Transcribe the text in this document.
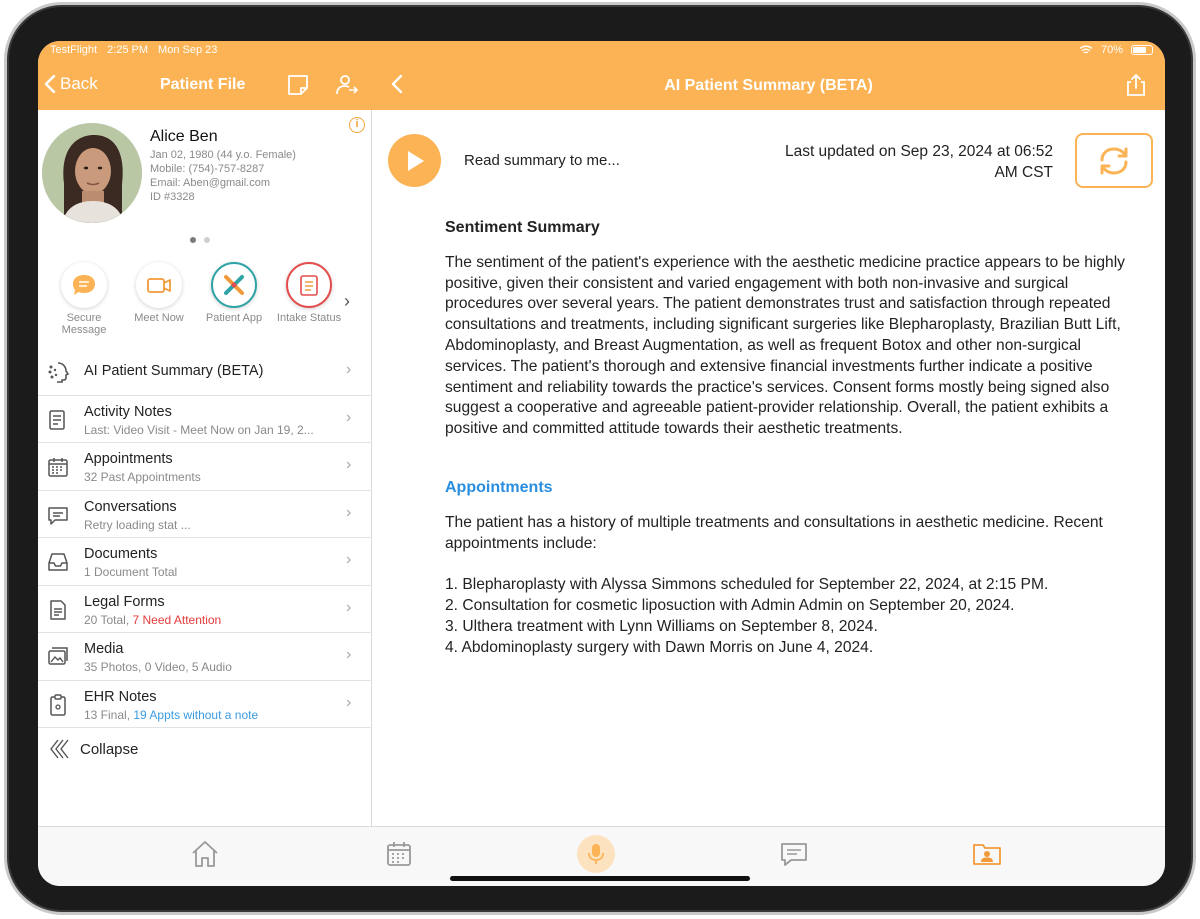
Back	Patient File
i
Alice Ben
Jan 02, 1980 (44 y.o. Female)
Mobile: (754)-757-8287
Email: Aben@gmail.com
ID #3328
Secure Message
Meet Now	Patient App	Intake Status
›
AI Patient Summary (BETA)	›
Activity Notes
Last: Video Visit - Meet Now on Jan 19, 2...
›
Appointments
32 Past Appointments
›
Conversations
Retry loading stat ...
›
Documents
1 Document Total
›
Legal Forms
20 Total, 7 Need Attention
›
Media
35 Photos, 0 Video, 5 Audio
›
EHR Notes
13 Final, 19 Appts without a note
›
Collapse
TestFlight 2:25 PM Mon Sep 23	70%
AI Patient Summary (BETA)
Read summary to me...
Last updated on Sep 23, 2024 at 06:52
AM CST
Sentiment Summary

The sentiment of the patient's experience with the aesthetic medicine practice appears to be highly positive, given their consistent and varied engagement with both non-invasive and surgical procedures over several years. The patient demonstrates trust and satisfaction through repeated consultations and treatments, including significant surgeries like Blepharoplasty, Brazilian Butt Lift, Abdominoplasty, and Breast Augmentation, as well as frequent Botox and other non-surgical services. The patient's thorough and extensive financial investments further indicate a positive sentiment and reliability towards the practice's services. Consent forms mostly being signed also suggest a cooperative and agreeable patient-provider relationship. Overall, the patient exhibits a positive and committed attitude towards their aesthetic treatments.

Appointments

The patient has a history of multiple treatments and consultations in aesthetic medicine. Recent appointments include:

1. Blepharoplasty with Alyssa Simmons scheduled for September 22, 2024, at 2:15 PM.
2. Consultation for cosmetic liposuction with Admin Admin on September 20, 2024.
3. Ulthera treatment with Lynn Williams on September 8, 2024.
4. Abdominoplasty surgery with Dawn Morris on June 4, 2024.
